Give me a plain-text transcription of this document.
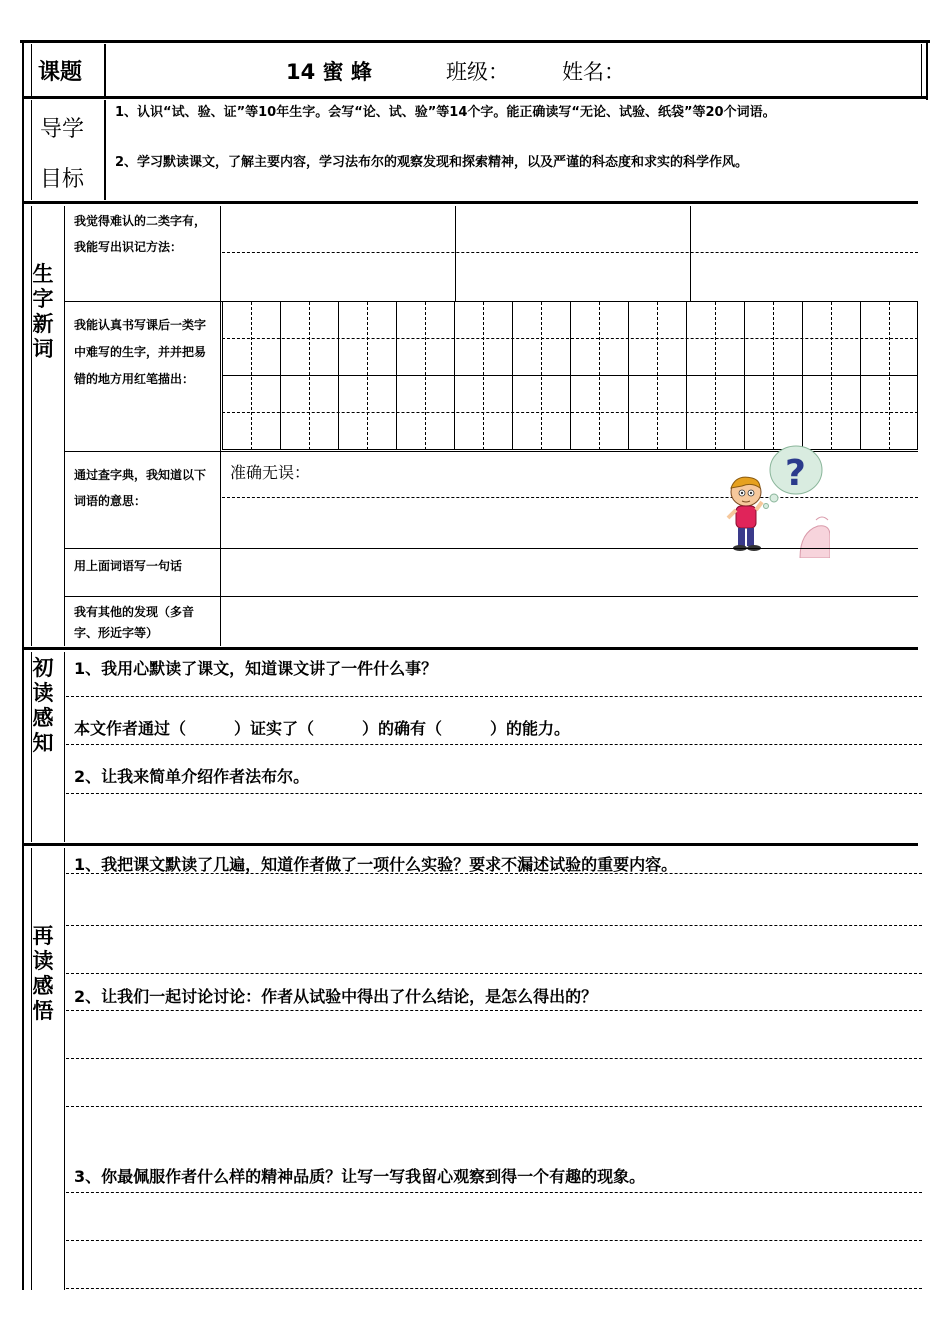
课题	14 蜜 蜂	班级：	姓名：
导学
目标
1、认识“试、验、证”等10年生字。会写“论、试、验”等14个字。能正确读写“无论、试验、纸袋”等20个词语。
2、学习默读课文，了解主要内容，学习法布尔的观察发现和探索精神，以及严谨的科态度和求实的科学作风。
生字新词
我觉得难认的二类字有，我能写出识记方法：
我能认真书写课后一类字中难写的生字，并并把易错的地方用红笔描出：
通过查字典，我知道以下词语的意思：
准确无误：	?
用上面词语写一句话
我有其他的发现（多音字、形近字等）
初读感知
1、我用心默读了课文，知道课文讲了一件什么事？
本文作者通过（　　　）证实了（　　　）的确有（　　　）的能力。
2、让我来简单介绍作者法布尔。
再读感悟
1、我把课文默读了几遍，知道作者做了一项什么实验？要求不漏述试验的重要内容。
2、让我们一起讨论讨论：作者从试验中得出了什么结论，是怎么得出的？
3、你最佩服作者什么样的精神品质？让写一写我留心观察到得一个有趣的现象。
